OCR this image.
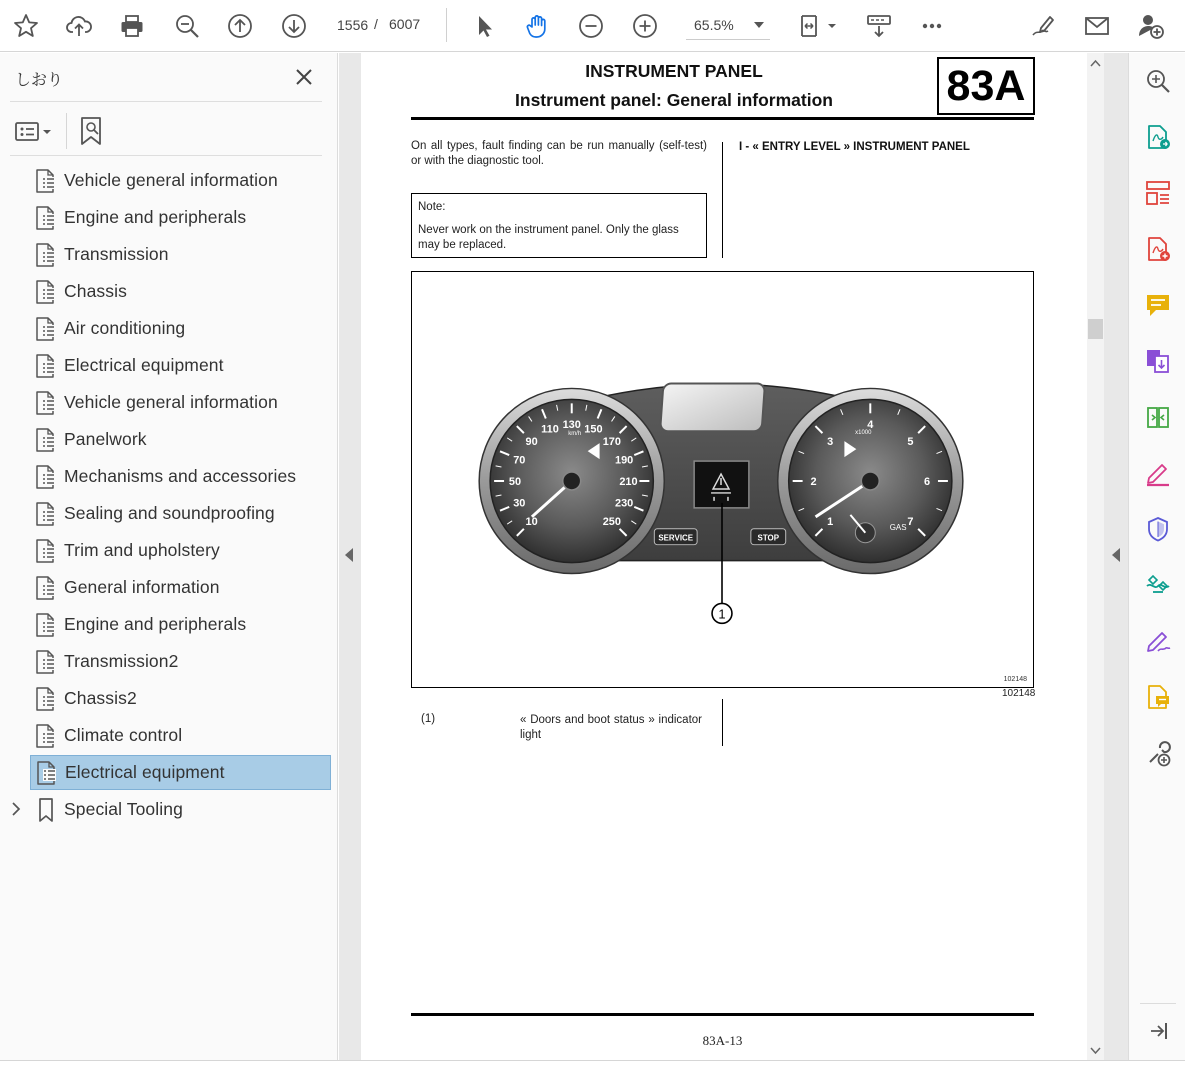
1556 / 6007	65.5%
しおり
Vehicle general information
Engine and peripherals
Transmission
Chassis
Air conditioning
Electrical equipment
Vehicle general information
Panelwork
Mechanisms and accessories
Sealing and soundproofing
Trim and upholstery
General information
Engine and peripherals
Transmission2
Chassis2
Climate control
Electrical equipment
Special Tooling
INSTRUMENT PANEL
Instrument panel: General information	83A
On all types, fault finding can be run manually (self-test) or with the diagnostic tool.
I - « ENTRY LEVEL » INSTRUMENT PANEL
Note:
Never work on the instrument panel. Only the glass may be replaced.
10
30
50
70
90
110 130 150
170
190
210
230
250
km/h
1
2
3
4
5
6
7
x1000
GAS
SERVICE	STOP
1
102148
102148
(1)	« Doors and boot status » indicator light
83A-13
